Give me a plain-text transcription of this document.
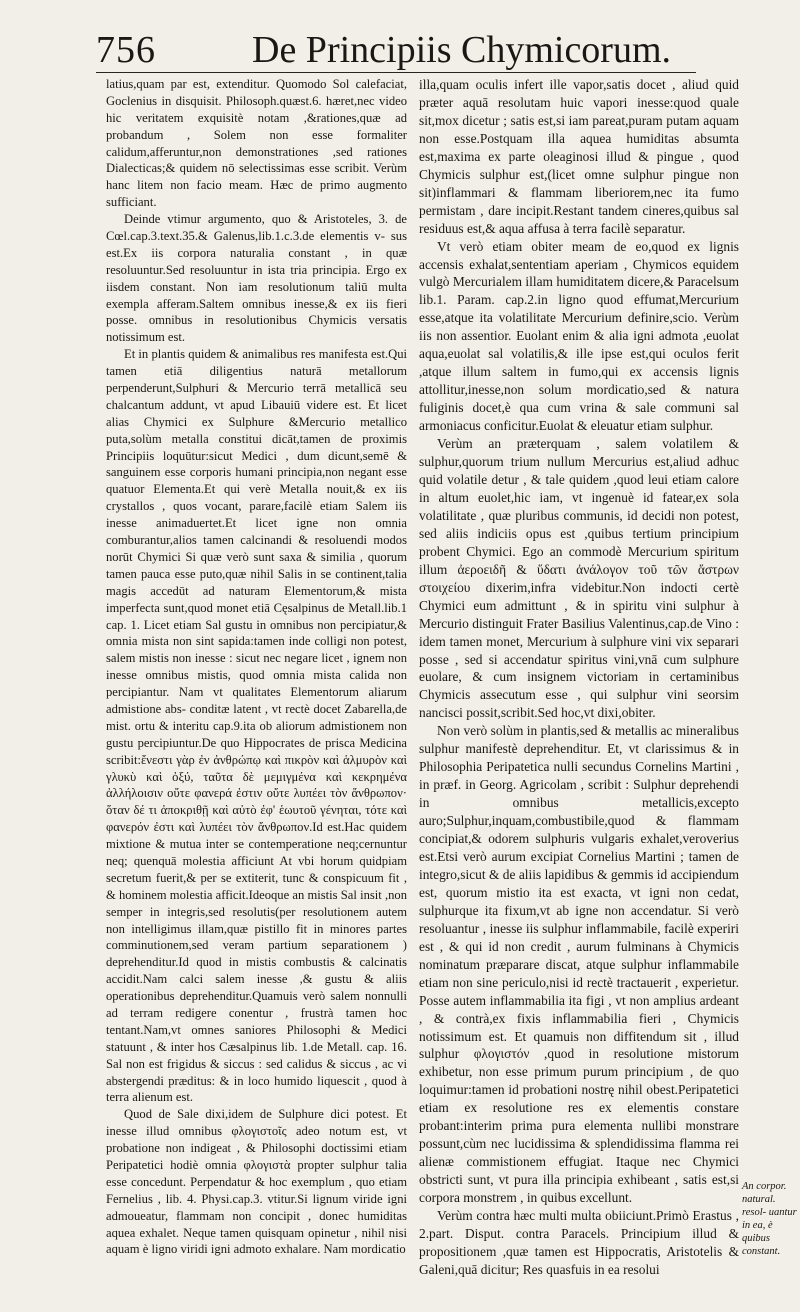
756	De Principiis Chymicorum.

latius,quam par est, extenditur. Quomodo Sol calefaciat, Goclenius in disquisit. Philosoph.quæst.6. hæret,nec video hic veritatem exquisitè notam ,&rationes,quæ ad probandum , Solem non esse formaliter calidum,afferuntur,non demonstrationes ,sed rationes Dialecticas;& quidem nō selectissimas esse scribit. Verùm hanc litem non facio meam. Hæc de primo augmento sufficiant.

Deinde vtimur argumento, quo & Aristoteles, 3. de Cœl.cap.3.text.35.& Galenus,lib.1.c.3.de elementis v- sus est.Ex iis corpora naturalia constant , in quæ resoluuntur.Sed resoluuntur in ista tria principia. Ergo ex iisdem constant. Non iam resolutionum taliū multa exempla afferam.Saltem omnibus inesse,& ex iis fieri posse. omnibus in resolutionibus Chymicis versatis notissimum est.

Et in plantis quidem & animalibus res manifesta est.Qui tamen etiā diligentius naturā metallorum perpenderunt,Sulphuri & Mercurio terrā metallicā seu chalcantum addunt, vt apud Libauiū videre est. Et licet alias Chymici ex Sulphure &Mercurio metallico puta,solùm metalla constitui dicāt,tamen de proximis Principiis loquūtur:sicut Medici , dum dicunt,semē & sanguinem esse corporis humani principia,non negant esse quatuor Elementa.Et qui verè Metalla nouit,& ex iis crystallos , quos vocant, parare,facilè etiam Salem iis inesse animaduertet.Et licet igne non omnia comburantur,alios tamen calcinandi & resoluendi modos norūt Chymici Si quæ verò sunt saxa & similia , quorum tamen pauca esse puto,quæ nihil Salis in se continent,talia magis accedūt ad naturam Elementorum,& mista imperfecta sunt,quod monet etiā Cęsalpinus de Metall.lib.1 cap. 1. Licet etiam Sal gustu in omnibus non percipiatur,& omnia mista non sint sapida:tamen inde colligi non potest, salem mistis non inesse : sicut nec negare licet , ignem non inesse omnibus mistis, quod omnia mista calida non percipiantur. Nam vt qualitates Elementorum aliarum admistione abs- conditæ latent , vt rectè docet Zabarella,de mist. ortu & interitu cap.9.ita ob aliorum admistionem non gustu percipiuntur.De quo Hippocrates de prisca Medicina scribit:ἔνεστι γὰρ ἐν ἀνθρώπῳ καὶ πικρὸν καὶ ἁλμυρὸν καὶ γλυκὺ καὶ ὀξύ, ταῦτα δὲ μεμιγμένα καὶ κεκρημένα ἀλλήλοισιν οὔτε φανερά ἐστιν οὔτε λυπέει τὸν ἄνθρωπον· ὅταν δέ τι ἀποκριθῇ καὶ αὐτὸ ἐφ' ἑωυτοῦ γένηται, τότε καὶ φανερόν ἐστι καὶ λυπέει τὸν ἄνθρωπον.Id est.Hac quidem mixtione & mutua inter se contemperatione neq;cernuntur neq; quenquā molestia afficiunt At vbi horum quidpiam secretum fuerit,& per se extiterit, tunc & conspicuum fit , & hominem molestia afficit.Ideoque an mistis Sal insit ,non semper in integris,sed resolutis(per resolutionem autem non intelligimus illam,quæ pistillo fit in minores partes comminutionem,sed veram partium separationem ) deprehenditur.Id quod in mistis combustis & calcinatis accidit.Nam calci salem inesse ,& gustu & aliis operationibus deprehenditur.Quamuis verò salem nonnulli ad terram redigere conentur , frustrà tamen hoc tentant.Nam,vt omnes saniores Philosophi & Medici statuunt , & inter hos Cæsalpinus lib. 1.de Metall. cap. 16. Sal non est frigidus & siccus : sed calidus & siccus , ac vi abstergendi præditus: & in loco humido liquescit , quod à terra alienum est.

Quod de Sale dixi,idem de Sulphure dici potest. Et inesse illud omnibus φλογιστοῖς adeo notum est, vt probatione non indigeat , & Philosophi doctissimi etiam Peripatetici hodiè omnia φλογιστὰ propter sulphur talia esse concedunt. Perpendatur & hoc exemplum , quo etiam Fernelius , lib. 4. Physi.cap.3. vtitur.Si lignum viride igni admoueatur, flammam non concipit , donec humiditas aquea exhalet. Neque tamen quisquam opinetur , nihil nisi aquam è ligno viridi igni admoto exhalare. Nam mordicatio

illa,quam oculis infert ille vapor,satis docet , aliud quid præter aquā resolutam huic vapori inesse:quod quale sit,mox dicetur ; satis est,si iam pareat,puram putam aquam non esse.Postquam illa aquea humiditas absumta est,maxima ex parte oleaginosi illud & pingue , quod Chymicis sulphur est,(licet omne sulphur pingue non sit)inflammari & flammam liberiorem,nec ita fumo permistam , dare incipit.Restant tandem cineres,quibus sal residuus est,& aqua affusa à terra facilè separatur.

Vt verò etiam obiter meam de eo,quod ex lignis accensis exhalat,sententiam aperiam , Chymicos equidem vulgò Mercurialem illam humiditatem dicere,& Paracelsum lib.1. Param. cap.2.in ligno quod effumat,Mercurium esse,atque ita volatilitate Mercurium definire,scio. Verùm iis non assentior. Euolant enim & alia igni admota ,euolat aqua,euolat sal volatilis,& ille ipse est,qui oculos ferit ,atque illum saltem in fumo,qui ex accensis lignis attollitur,inesse,non solum mordicatio,sed & natura fuliginis docet,è qua cum vrina & sale communi sal armoniacus conficitur.Euolat & eleuatur etiam sulphur.

Verùm an præterquam , salem volatilem & sulphur,quorum trium nullum Mercurius est,aliud adhuc quid volatile detur , & tale quidem ,quod leui etiam calore in altum euolet,hic iam, vt ingenuè id fatear,ex sola volatilitate , quæ pluribus communis, id decidi non potest, sed aliis indiciis opus est ,quibus tertium principium probent Chymici. Ego an commodè Mercurium spiritum illum ἀεροειδῆ & ὕδατι ἀνάλογον τοῦ τῶν ἄστρων στοιχείου dixerim,infra videbitur.Non indocti certè Chymici eum admittunt , & in spiritu vini sulphur à Mercurio distinguit Frater Basilius Valentinus,cap.de Vino : idem tamen monet, Mercurium à sulphure vini vix separari posse , sed si accendatur spiritus vini,vnā cum sulphure euolare, & cum insignem victoriam in certaminibus Chymicis assecutum esse , qui sulphur vini seorsim nancisci possit,scribit.Sed hoc,vt dixi,obiter.

Non verò solùm in plantis,sed & metallis ac mineralibus sulphur manifestè deprehenditur. Et, vt clarissimus & in Philosophia Peripatetica nulli secundus Cornelins Martini , in præf. in Georg. Agricolam , scribit : Sulphur deprehendi in omnibus metallicis,excepto auro;Sulphur,inquam,combustibile,quod & flammam concipiat,& odorem sulphuris vulgaris exhalet,veroverius est.Etsi verò aurum excipiat Cornelius Martini ; tamen de integro,sicut & de aliis lapidibus & gemmis id accipiendum est, quorum mistio ita est exacta, vt igni non cedat, sulphurque ita fixum,vt ab igne non accendatur. Si verò resoluantur , inesse iis sulphur inflammabile, facilè experiri est , & qui id non credit , aurum fulminans à Chymicis nominatum præparare discat, atque sulphur inflammabile etiam non sine periculo,nisi id rectè tractauerit , experietur. Posse autem inflammabilia ita figi , vt non amplius ardeant , & contrà,ex fixis inflammabilia fieri , Chymicis notissimum est. Et quamuis non diffitendum sit , illud sulphur φλογιστόν ,quod in resolutione mistorum exhibetur, non esse primum purum principium , de quo loquimur:tamen id probationi nostrę nihil obest.Peripatetici etiam ex resolutione res ex elementis constare probant:interim prima pura elementa nullibi monstrare possunt,cùm nec lucidissima & splendidissima flamma rei alienæ commistionem effugiat. Itaque nec Chymici obstricti sunt, vt pura illa principia exhibeant , satis est,si corpora monstrem , in quibus excellunt.

Verùm contra hæc multi multa obiiciunt.Primò Erastus , 2.part. Disput. contra Paracels. Principium illud & propositionem ,quæ tamen est Hippocratis, Aristotelis & Galeni,quā dicitur; Res quasfuis in ea resolui

An corpor. natural. resol- uantur in ea, è quibus constant.
